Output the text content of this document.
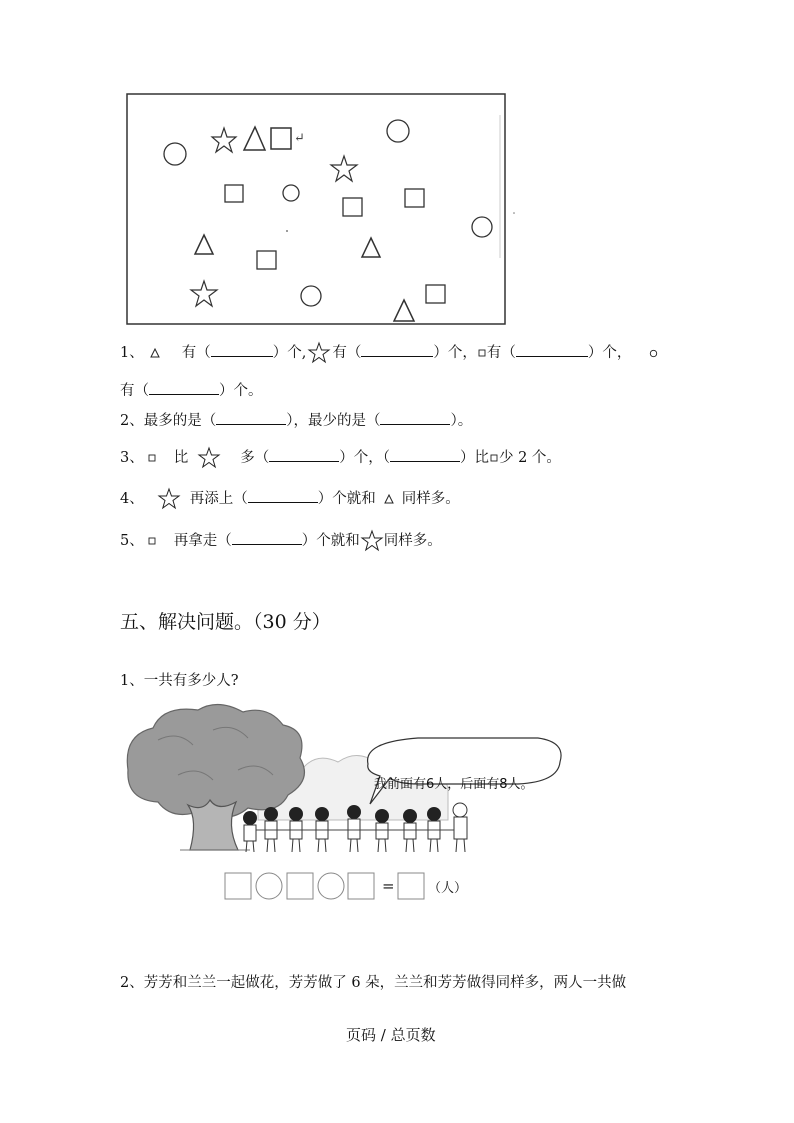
↵
1、	有（	）个, 有（	）个， 有（	）个，
有（	）个。
2、最多的是（	），最少的是（	）。
3、 比	多（	）个，（	）比 少 2 个。
4、	再添上（	）个就和 同样多。
5、 再拿走（	）个就和 同样多。
五、解决问题。（30 分）
1、一共有多少人?
我前面有6人，后面有8人。
=	（人）
2、芳芳和兰兰一起做花，芳芳做了 6 朵，兰兰和芳芳做得同样多，两人一共做
页码 / 总页数
